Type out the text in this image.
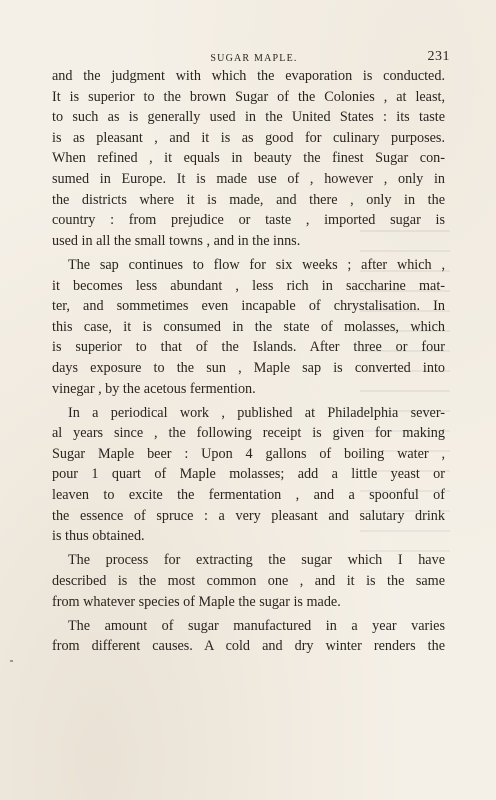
SUGAR MAPLE.	231
and the judgment with which the evaporation is conducted.
It is superior to the brown Sugar of the Colonies , at least,
to such as is generally used in the United States : its taste
is as pleasant , and it is as good for culinary purposes.
When refined , it equals in beauty the finest Sugar con-
sumed in Europe. It is made use of , however , only in
the districts where it is made, and there , only in the
country : from prejudice or taste , imported sugar is
used in all the small towns , and in the inns.
The sap continues to flow for six weeks ; after which ,
it becomes less abundant , less rich in saccharine mat-
ter, and sommetimes even incapable of chrystalisation. In
this case, it is consumed in the state of molasses, which
is superior to that of the Islands. After three or four
days exposure to the sun , Maple sap is converted into
vinegar , by the acetous fermention.
In a periodical work , published at Philadelphia sever-
al years since , the following receipt is given for making
Sugar Maple beer : Upon 4 gallons of boiling water ,
pour 1 quart of Maple molasses; add a little yeast or
leaven to excite the fermentation , and a spoonful of
the essence of spruce : a very pleasant and salutary drink
is thus obtained.
The process for extracting the sugar which I have
described is the most common one , and it is the same
from whatever species of Maple the sugar is made.
The amount of sugar manufactured in a year varies
from different causes. A cold and dry winter renders the
